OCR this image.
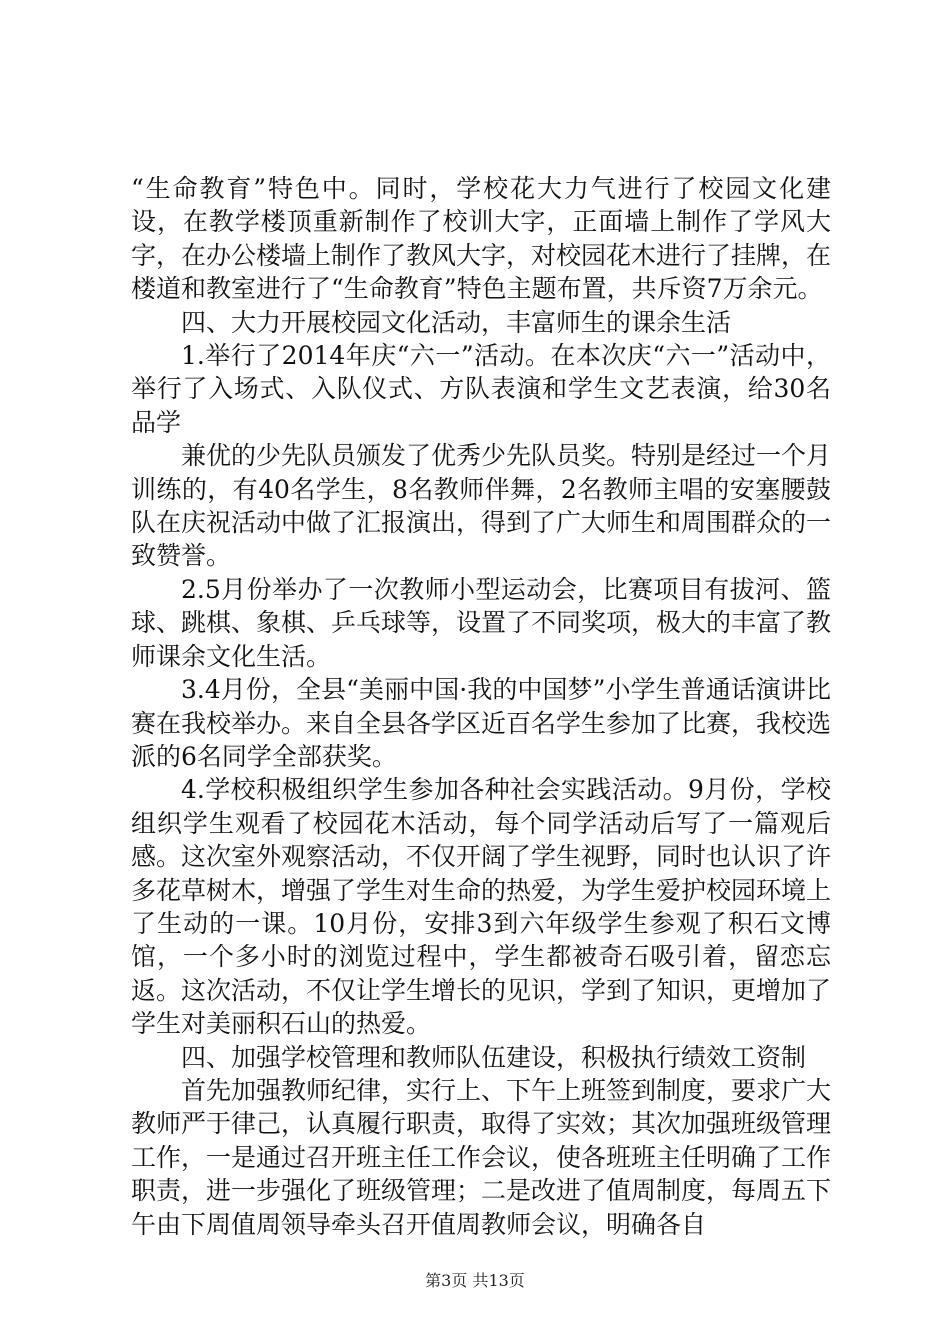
“生命教育”特色中。同时，学校花大力气进行了校园文化建设，在教学楼顶重新制作了校训大字，正面墙上制作了学风大字，在办公楼墙上制作了教风大字，对校园花木进行了挂牌，在楼道和教室进行了“生命教育”特色主题布置，共斥资7万余元。

四、大力开展校园文化活动，丰富师生的课余生活

1.举行了2014年庆“六一”活动。在本次庆“六一”活动中，举行了入场式、入队仪式、方队表演和学生文艺表演，给30名品学

兼优的少先队员颁发了优秀少先队员奖。特别是经过一个月训练的，有40名学生，8名教师伴舞，2名教师主唱的安塞腰鼓队在庆祝活动中做了汇报演出，得到了广大师生和周围群众的一致赞誉。

2.5月份举办了一次教师小型运动会，比赛项目有拔河、篮球、跳棋、象棋、乒乓球等，设置了不同奖项，极大的丰富了教师课余文化生活。

3.4月份，全县“美丽中国·我的中国梦”小学生普通话演讲比赛在我校举办。来自全县各学区近百名学生参加了比赛，我校选派的6名同学全部获奖。

4.学校积极组织学生参加各种社会实践活动。9月份，学校组织学生观看了校园花木活动，每个同学活动后写了一篇观后感。这次室外观察活动，不仅开阔了学生视野，同时也认识了许多花草树木，增强了学生对生命的热爱，为学生爱护校园环境上了生动的一课。10月份，安排3到六年级学生参观了积石文博馆，一个多小时的浏览过程中，学生都被奇石吸引着，留恋忘返。这次活动，不仅让学生增长的见识，学到了知识，更增加了学生对美丽积石山的热爱。

四、加强学校管理和教师队伍建设，积极执行绩效工资制

首先加强教师纪律，实行上、下午上班签到制度，要求广大教师严于律己，认真履行职责，取得了实效；其次加强班级管理工作，一是通过召开班主任工作会议，使各班班主任明确了工作职责，进一步强化了班级管理；二是改进了值周制度，每周五下午由下周值周领导牵头召开值周教师会议，明确各自

第3页 共13页
